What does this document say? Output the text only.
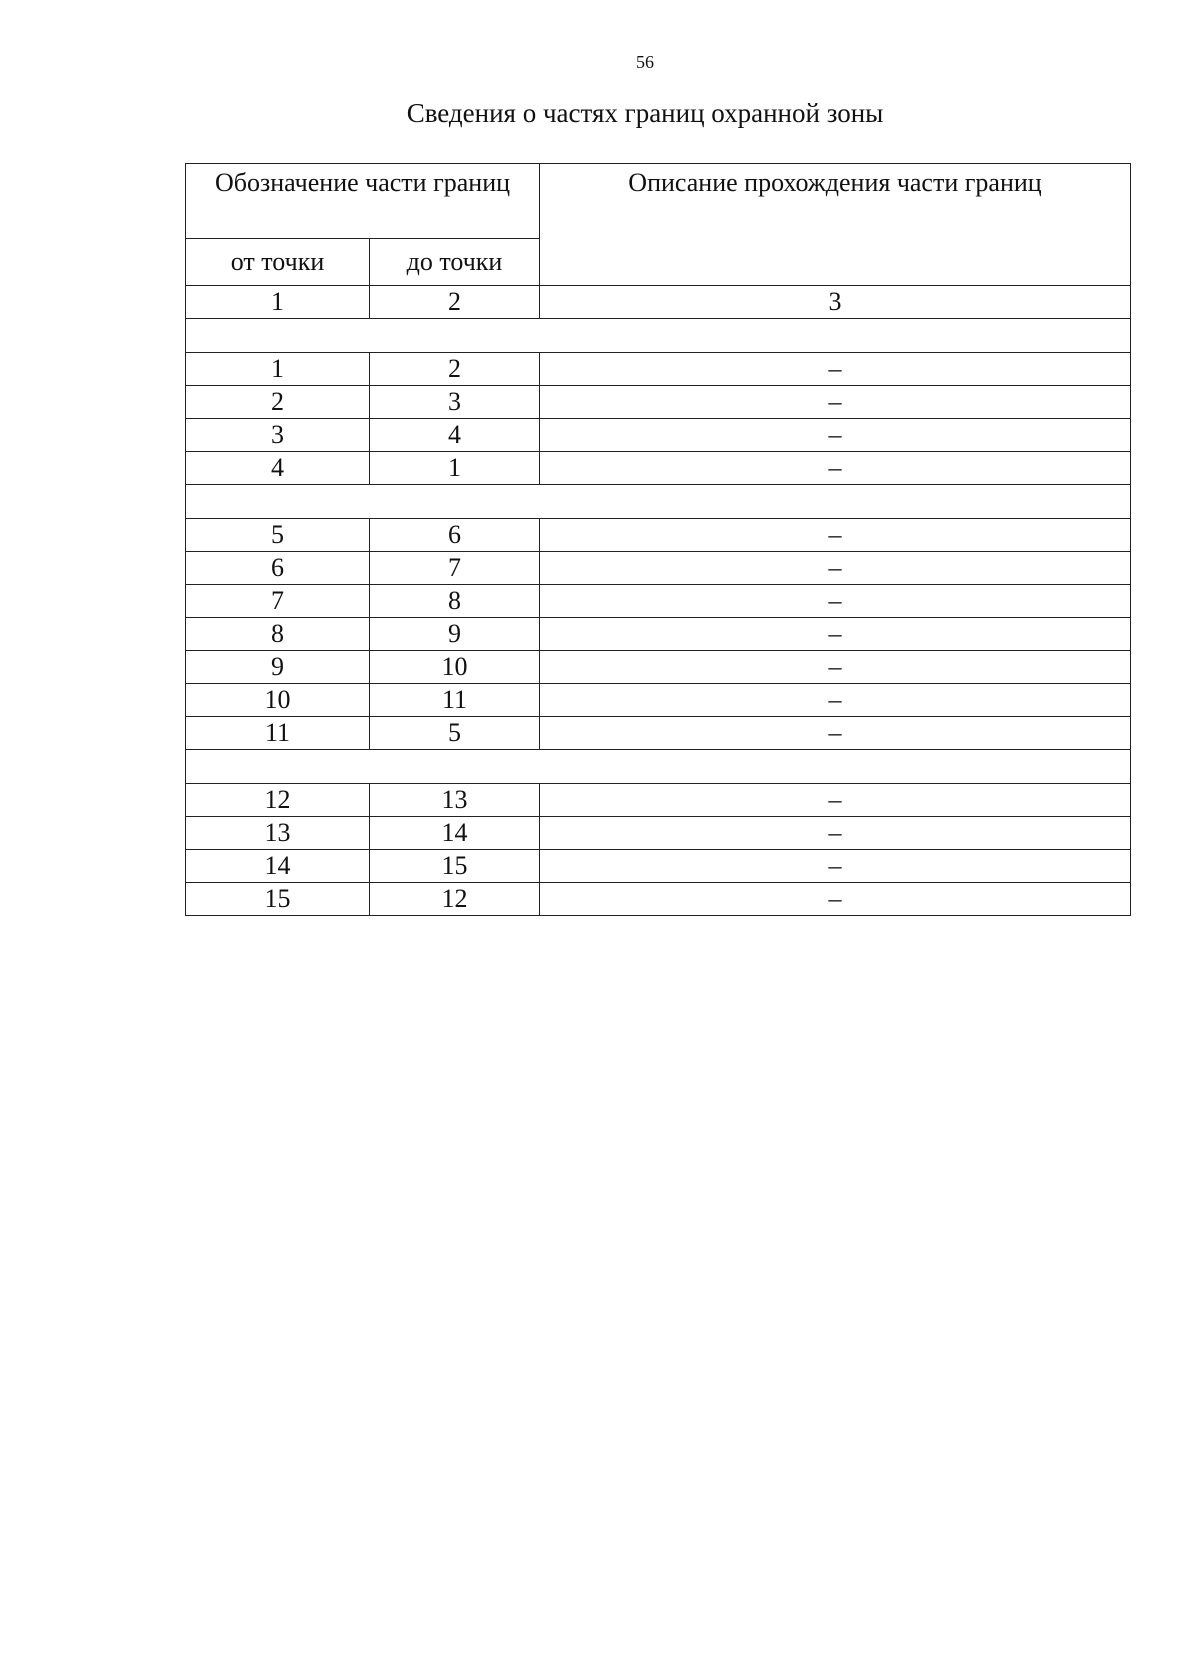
56
Сведения о частях границ охранной зоны
Обозначение части границ		Описание прохождения части границ
от точки	до точки	
1	2	3

1	2	–
2	3	–
3	4	–
4	1	–

5	6	–
6	7	–
7	8	–
8	9	–
9	10	–
10	11	–
11	5	–

12	13	–
13	14	–
14	15	–
15	12	–
